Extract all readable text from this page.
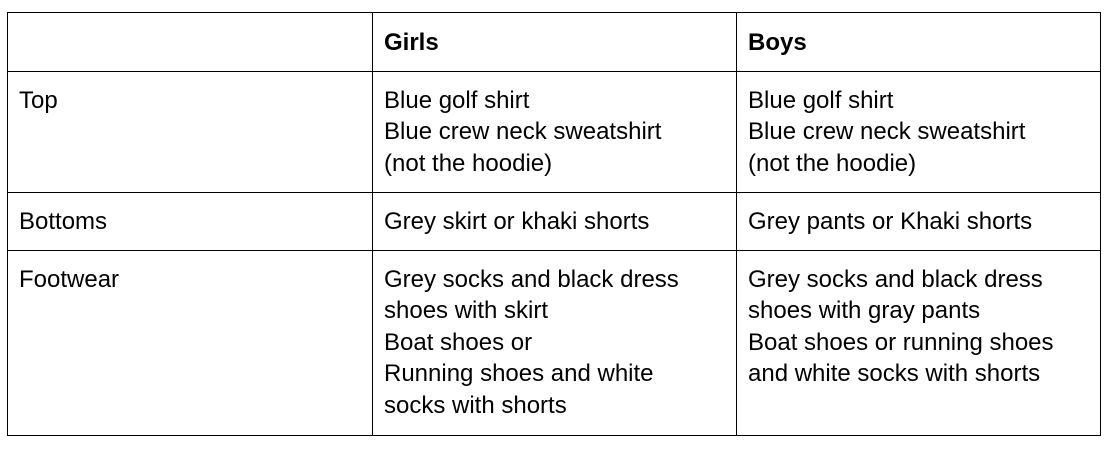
	Girls	Boys

Top	Blue golf shirt
Blue crew neck sweatshirt
(not the hoodie)	Blue golf shirt
Blue crew neck sweatshirt
(not the hoodie)

Bottoms	Grey skirt or khaki shorts	Grey pants or Khaki shorts

Footwear	Grey socks and black dress
shoes with skirt
Boat shoes or
Running shoes and white
socks with shorts	Grey socks and black dress
shoes with gray pants
Boat shoes or running shoes
and white socks with shorts
